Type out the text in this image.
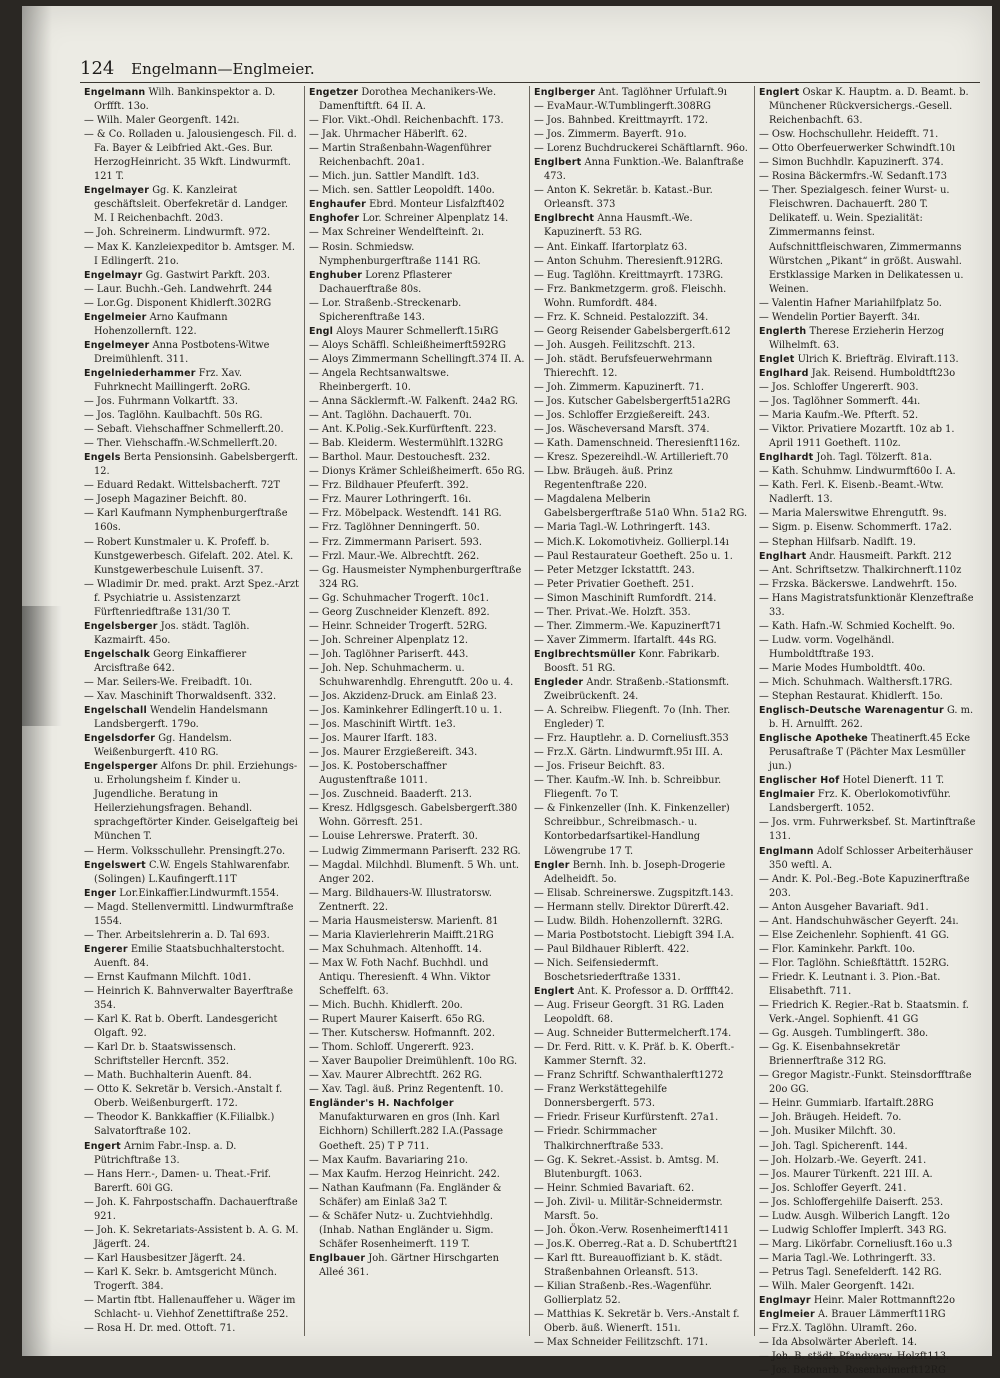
124 Engelmann—Englmeier.
Engelmann Wilh. Bankinspektor a. D. Orffft. 13o.
— Wilh. Maler Georgenft. 142ı.
— & Co. Rolladen u. Jalousiengesch. Fil. d. Fa. Bayer & Leibfried Akt.-Ges. Bur. HerzogHeinricht. 35 Wkft. Lindwurmft. 121 T.
Engelmayer Gg. K. Kanzleirat geschäftsleit. Oberfekretär d. Landger. M. I Reichenbachft. 20d3.
— Joh. Schreinerm. Lindwurmft. 972.
— Max K. Kanzleiexpeditor b. Amtsger. M. I Edlingerft. 21o.
Engelmayr Gg. Gastwirt Parkft. 203.
— Laur. Buchh.-Geh. Landwehrft. 244
— Lor.Gg. Disponent Khidlerft.302RG
Engelmeier Arno Kaufmann Hohenzollernft. 122.
Engelmeyer Anna Postbotens-Witwe Dreimühlenft. 311.
Engelniederhammer Frz. Xav. Fuhrknecht Maillingerft. 2oRG.
— Jos. Fuhrmann Volkartft. 33.
— Jos. Taglöhn. Kaulbachft. 50s RG.
— Sebaft. Viehschaffner Schmellerft.20.
— Ther. Viehschaffn.-W.Schmellerft.20.
Engels Berta Pensionsinh. Gabelsbergerft. 12.
— Eduard Redakt. Wittelsbacherft. 72T
— Joseph Magaziner Beichft. 80.
— Karl Kaufmann Nymphenburgerftraße 160s.
— Robert Kunstmaler u. K. Profeff. b. Kunstgewerbesch. Gifelaft. 202. Atel. K. Kunstgewerbeschule Luisenft. 37.
— Wladimir Dr. med. prakt. Arzt Spez.-Arzt f. Psychiatrie u. Assistenzarzt Fürftenriedftraße 131/30 T.
Engelsberger Jos. städt. Taglöh. Kazmairft. 45o.
Engelschalk Georg Einkaffierer Arcisftraße 642.
— Mar. Seilers-We. Freibadft. 10ı.
— Xav. Maschinift Thorwaldsenft. 332.
Engelschall Wendelin Handelsmann Landsbergerft. 179o.
Engelsdorfer Gg. Handelsm. Weißenburgerft. 410 RG.
Engelsperger Alfons Dr. phil. Erziehungs- u. Erholungsheim f. Kinder u. Jugendliche. Beratung in Heilerziehungsfragen. Behandl. sprachgeftörter Kinder. Geiselgafteig bei München T.
— Herm. Volksschullehr. Prensingft.27o.
Engelswert C.W. Engels Stahlwarenfabr. (Solingen) L.Kaufingerft.11T
Enger Lor.Einkaffier.Lindwurmft.1554.
— Magd. Stellenvermittl. Lindwurmftraße 1554.
— Ther. Arbeitslehrerin a. D. Tal 693.
Engerer Emilie Staatsbuchhalterstocht. Auenft. 84.
— Ernst Kaufmann Milchft. 10d1.
— Heinrich K. Bahnverwalter Bayerftraße 354.
— Karl K. Rat b. Oberft. Landesgericht Olgaft. 92.
— Karl Dr. b. Staatswissensch. Schriftsteller Hercnft. 352.
— Math. Buchhalterin Auenft. 84.
— Otto K. Sekretär b. Versich.-Anstalt f. Oberb. Weißenburgerft. 172.
— Theodor K. Bankkaffier (K.Filialbk.) Salvatorftraße 102.
Engert Arnim Fabr.-Insp. a. D. Pütrichftraße 13.
— Hans Herr.-, Damen- u. Theat.-Frif. Barerft. 60i GG.
— Joh. K. Fahrpostschaffn. Dachauerftraße 921.
— Joh. K. Sekretariats-Assistent b. A. G. M. Jägerft. 24.
— Karl Hausbesitzer Jägerft. 24.
— Karl K. Sekr. b. Amtsgericht Münch. Trogerft. 384.
— Martin ftbt. Hallenauffeher u. Wäger im Schlacht- u. Viehhof Zenettiftraße 252.
— Rosa H. Dr. med. Ottoft. 71.
Engetzer Dorothea Mechanikers-We. Damenftiftft. 64 II. A.
— Flor. Vikt.-Ohdl. Reichenbachft. 173.
— Jak. Uhrmacher Häberlft. 62.
— Martin Straßenbahn-Wagenführer Reichenbachft. 20a1.
— Mich. jun. Sattler Mandlft. 1d3.
— Mich. sen. Sattler Leopoldft. 140o.
Enghaufer Ebrd. Monteur Lisfalzft402
Enghofer Lor. Schreiner Alpenplatz 14.
— Max Schreiner Wendelfteinft. 2ı.
— Rosin. Schmiedsw. Nymphenburgerftraße 1141 RG.
Enghuber Lorenz Pflasterer Dachauerftraße 80s.
— Lor. Straßenb.-Streckenarb. Spicherenftraße 143.
Engl Aloys Maurer Schmellerft.15ıRG
— Aloys Schäffl. Schleißheimerft592RG
— Aloys Zimmermann Schellingft.374 II. A.
— Angela Rechtsanwaltswe. Rheinbergerft. 10.
— Anna Säcklermft.-W. Falkenft. 24a2 RG.
— Ant. Taglöhn. Dachauerft. 70ı.
— Ant. K.Polig.-Sek.Kurfürftenft. 223.
— Bab. Kleiderm. Westermühlft.132RG
— Barthol. Maur. Destouchesft. 232.
— Dionys Krämer Schleißheimerft. 65o RG.
— Frz. Bildhauer Pfeuferft. 392.
— Frz. Maurer Lothringerft. 16ı.
— Frz. Möbelpack. Westendft. 141 RG.
— Frz. Taglöhner Denningerft. 50.
— Frz. Zimmermann Parisert. 593.
— Frzl. Maur.-We. Albrechtft. 262.
— Gg. Hausmeister Nymphenburgerftraße 324 RG.
— Gg. Schuhmacher Trogerft. 10c1.
— Georg Zuschneider Klenzeft. 892.
— Heinr. Schneider Trogerft. 52RG.
— Joh. Schreiner Alpenplatz 12.
— Joh. Taglöhner Pariserft. 443.
— Joh. Nep. Schuhmacherm. u. Schuhwarenhdlg. Ehrengutft. 20o u. 4.
— Jos. Akzidenz-Druck. am Einlaß 23.
— Jos. Kaminkehrer Edlingerft.10 u. 1.
— Jos. Maschinift Wirtft. 1e3.
— Jos. Maurer Ifarft. 183.
— Jos. Maurer Erzgießereift. 343.
— Jos. K. Postoberschaffner Augustenftraße 1011.
— Jos. Zuschneid. Baaderft. 213.
— Kresz. Hdlgsgesch. Gabelsbergerft.380 Wohn. Görresft. 251.
— Louise Lehrerswe. Praterft. 30.
— Ludwig Zimmermann Pariserft. 232 RG.
— Magdal. Milchhdl. Blumenft. 5 Wh. unt. Anger 202.
— Marg. Bildhauers-W. Illustratorsw. Zentnerft. 22.
— Maria Hausmeistersw. Marienft. 81
— Maria Klavierlehrerin Maifft.21RG
— Max Schuhmach. Altenhofft. 14.
— Max W. Foth Nachf. Buchhdl. und Antiqu. Theresienft. 4 Whn. Viktor Scheffelft. 63.
— Mich. Buchh. Khidlerft. 20o.
— Rupert Maurer Kaiserft. 65o RG.
— Ther. Kutschersw. Hofmannft. 202.
— Thom. Schloff. Ungererft. 923.
— Xaver Baupolier Dreimühlenft. 10o RG.
— Xav. Maurer Albrechtft. 262 RG.
— Xav. Tagl. äuß. Prinz Regentenft. 10.
Engländer's H. Nachfolger Manufakturwaren en gros (Inh. Karl Eichhorn) Schillerft.282 I.A.(Passage Goetheft. 25) T P 711.
— Max Kaufm. Bavariaring 21o.
— Max Kaufm. Herzog Heinricht. 242.
— Nathan Kaufmann (Fa. Engländer & Schäfer) am Einlaß 3a2 T.
— & Schäfer Nutz- u. Zuchtviehhdlg. (Inhab. Nathan Engländer u. Sigm. Schäfer Rosenheimerft. 119 T.
Englbauer Joh. Gärtner Hirschgarten Alleé 361.
Englberger Ant. Taglöhner Urfulaft.9ı
— EvaMaur.-W.Tumblingerft.308RG
— Jos. Bahnbed. Kreittmayrft. 172.
— Jos. Zimmerm. Bayerft. 91o.
— Lorenz Buchdruckerei Schäftlarnft. 96o.
Englbert Anna Funktion.-We. Balanftraße 473.
— Anton K. Sekretär. b. Katast.-Bur. Orleansft. 373
Englbrecht Anna Hausmft.-We. Kapuzinerft. 53 RG.
— Ant. Einkaff. Ifartorplatz 63.
— Anton Schuhm. Theresienft.912RG.
— Eug. Taglöhn. Kreittmayrft. 173RG.
— Frz. Bankmetzgerm. groß. Fleischh. Wohn. Rumfordft. 484.
— Frz. K. Schneid. Pestalozzift. 34.
— Georg Reisender Gabelsbergerft.612
— Joh. Ausgeh. Feilitzschft. 213.
— Joh. städt. Berufsfeuerwehrmann Thierechft. 12.
— Joh. Zimmerm. Kapuzinerft. 71.
— Jos. Kutscher Gabelsbergerft51a2RG
— Jos. Schloffer Erzgießereift. 243.
— Jos. Wäscheversand Marsft. 374.
— Kath. Damenschneid. Theresienft116z.
— Kresz. Spezereihdl.-W. Artillerieft.70
— Lbw. Bräugeh. äuß. Prinz Regentenftraße 220.
— Magdalena Melberin Gabelsbergerftraße 51a0 Whn. 51a2 RG.
— Maria Tagl.-W. Lothringerft. 143.
— Mich.K. Lokomotivheiz. Gollierpl.14ı
— Paul Restaurateur Goetheft. 25o u. 1.
— Peter Metzger Ickstattft. 243.
— Peter Privatier Goetheft. 251.
— Simon Maschinift Rumfordft. 214.
— Ther. Privat.-We. Holzft. 353.
— Ther. Zimmerm.-We. Kapuzinerft71
— Xaver Zimmerm. Ifartalft. 44s RG.
Englbrechtsmüller Konr. Fabrikarb. Boosft. 51 RG.
Engleder Andr. Straßenb.-Stationsmft. Zweibrückenft. 24.
— A. Schreibw. Fliegenft. 7o (Inh. Ther. Engleder) T.
— Frz. Hauptlehr. a. D. Corneliusft.353
— Frz.X. Gärtn. Lindwurmft.95ɪ III. A.
— Jos. Friseur Beichft. 83.
— Ther. Kaufm.-W. Inh. b. Schreibbur. Fliegenft. 7o T.
— & Finkenzeller (Inh. K. Finkenzeller) Schreibbur., Schreibmasch.- u. Kontorbedarfsartikel-Handlung Löwengrube 17 T.
Engler Bernh. Inh. b. Joseph-Drogerie Adelheidft. 5o.
— Elisab. Schreinerswe. Zugspitzft.143.
— Hermann stellv. Direktor Dürerft.42.
— Ludw. Bildh. Hohenzollernft. 32RG.
— Maria Postbotstocht. Liebigft 394 I.A.
— Paul Bildhauer Riblerft. 422.
— Nich. Seifensiedermft. Boschetsriederftraße 1331.
Englert Ant. K. Professor a. D. Orffft42.
— Aug. Friseur Georgft. 31 RG. Laden Leopoldft. 68.
— Aug. Schneider Buttermelcherft.174.
— Dr. Ferd. Ritt. v. K. Präf. b. K. Oberft.-Kammer Sternft. 32.
— Franz Schriftf. Schwanthalerft1272
— Franz Werkstättegehilfe Donnersbergerft. 573.
— Friedr. Friseur Kurfürstenft. 27a1.
— Friedr. Schirmmacher Thalkirchnerftraße 533.
— Gg. K. Sekret.-Assist. b. Amtsg. M. Blutenburgft. 1063.
— Heinr. Schmied Bavariaft. 62.
— Joh. Zivil- u. Militär-Schneidermstr. Marsft. 5o.
— Joh. Ökon.-Verw. Rosenheimerft1411
— Jos.K. Oberreg.-Rat a. D. Schubertft21
— Karl ftt. Bureauoffiziant b. K. städt. Straßenbahnen Orleansft. 513.
— Kilian Straßenb.-Res.-Wagenführ. Gollierplatz 52.
— Matthias K. Sekretär b. Vers.-Anstalt f. Oberb. äuß. Wienerft. 151ı.
— Max Schneider Feilitzschft. 171.
Englert Oskar K. Hauptm. a. D. Beamt. b. Münchener Rückversichergs.-Gesell. Reichenbachft. 63.
— Osw. Hochschullehr. Heidefft. 71.
— Otto Oberfeuerwerker Schwindft.10ı
— Simon Buchhdlr. Kapuzinerft. 374.
— Rosina Bäckermfrs.-W. Sedanft.173
— Ther. Spezialgesch. feiner Wurst- u. Fleischwren. Dachauerft. 280 T. Delikateff. u. Wein. Spezialität: Zimmermanns feinst. Aufschnittfleischwaren, Zimmermanns Würstchen „Pikant“ in größt. Auswahl. Erstklassige Marken in Delikatessen u. Weinen.
— Valentin Hafner Mariahilfplatz 5o.
— Wendelin Portier Bayerft. 34ɪ.
Englerth Therese Erzieherin Herzog Wilhelmft. 63.
Englet Ulrich K. Briefträg. Elviraft.113.
Englhard Jak. Reisend. Humboldtft23o
— Jos. Schloffer Ungererft. 903.
— Jos. Taglöhner Sommerft. 44ı.
— Maria Kaufm.-We. Pfterft. 52.
— Viktor. Privatiere Mozartft. 10z ab 1. April 1911 Goetheft. 110z.
Englhardt Joh. Tagl. Tölzerft. 81a.
— Kath. Schuhmw. Lindwurmft60o I. A.
— Kath. Ferl. K. Eisenb.-Beamt.-Wtw. Nadlerft. 13.
— Maria Malerswitwe Ehrengutft. 9s.
— Sigm. p. Eisenw. Schommerft. 17a2.
— Stephan Hilfsarb. Nadlft. 19.
Englhart Andr. Hausmeift. Parkft. 212
— Ant. Schriftsetzw. Thalkirchnerft.110z
— Frzska. Bäckerswe. Landwehrft. 15o.
— Hans Magistratsfunktionär Klenzeftraße 33.
— Kath. Hafn.-W. Schmied Kochelft. 9o.
— Ludw. vorm. Vogelhändl. Humboldtftraße 193.
— Marie Modes Humboldtft. 40o.
— Mich. Schuhmach. Walthersft.17RG.
— Stephan Restaurat. Khidlerft. 15o.
Englisch-Deutsche Warenagentur G. m. b. H. Arnulfft. 262.
Englische Apotheke Theatinerft.45 Ecke Perusaftraße T (Pächter Max Lesmüller jun.)
Englischer Hof Hotel Dienerft. 11 T.
Englmaier Frz. K. Oberlokomotivführ. Landsbergerft. 1052.
— Jos. vrm. Fuhrwerksbef. St. Martinftraße 131.
Englmann Adolf Schlosser Arbeiterhäuser 350 weftl. A.
— Andr. K. Pol.-Beg.-Bote Kapuzinerftraße 203.
— Anton Ausgeher Bavariaft. 9d1.
— Ant. Handschuhwäscher Geyerft. 24ı.
— Else Zeichenlehr. Sophienft. 41 GG.
— Flor. Kaminkehr. Parkft. 10o.
— Flor. Taglöhn. Schießftättft. 152RG.
— Friedr. K. Leutnant i. 3. Pion.-Bat. Elisabethft. 711.
— Friedrich K. Regier.-Rat b. Staatsmin. f. Verk.-Angel. Sophienft. 41 GG
— Gg. Ausgeh. Tumblingerft. 38o.
— Gg. K. Eisenbahnsekretär Briennerftraße 312 RG.
— Gregor Magistr.-Funkt. Steinsdorfftraße 20o GG.
— Heinr. Gummiarb. Ifartalft.28RG
— Joh. Bräugeh. Heideft. 7o.
— Joh. Musiker Milchft. 30.
— Joh. Tagl. Spicherenft. 144.
— Joh. Holzarb.-We. Geyerft. 241.
— Jos. Maurer Türkenft. 221 III. A.
— Jos. Schloffer Geyerft. 241.
— Jos. Schloffergehilfe Daiserft. 253.
— Ludw. Ausgh. Wilberich Langft. 12o
— Ludwig Schloffer Implerft. 343 RG.
— Marg. Likörfabr. Corneliusft.16o u.3
— Maria Tagl.-We. Lothringerft. 33.
— Petrus Tagl. Senefelderft. 142 RG.
— Wilh. Maler Georgenft. 142ı.
Englmayr Heinr. Maler Rottmannft22o
Englmeier A. Brauer Lämmerft11RG
— Frz.X. Taglöhn. Ulramft. 26o.
— Ida Absolwärter Aberleft. 14.
— Joh. B. städt. Pfandverw. Holzft113.
— Jos. Betonarb. Rosenheimerft12RG
